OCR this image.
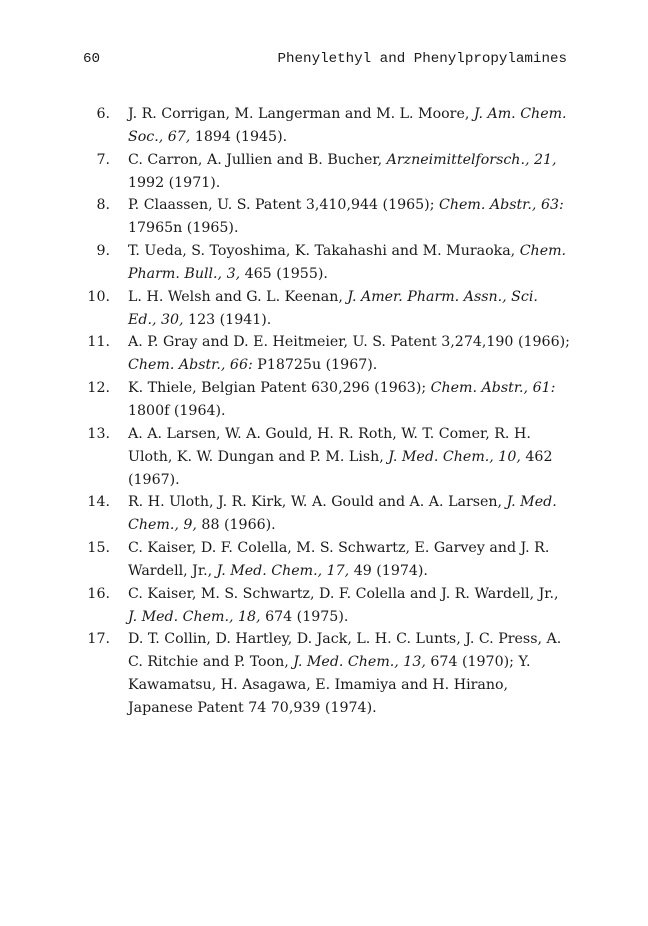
60	Phenylethyl and Phenylpropylamines
6. J. R. Corrigan, M. Langerman and M. L. Moore, J. Am. Chem. Soc., 67, 1894 (1945).
7. C. Carron, A. Jullien and B. Bucher, Arzneimittelforsch., 21, 1992 (1971).
8. P. Claassen, U. S. Patent 3,410,944 (1965); Chem. Abstr., 63: 17965n (1965).
9. T. Ueda, S. Toyoshima, K. Takahashi and M. Muraoka, Chem. Pharm. Bull., 3, 465 (1955).
10. L. H. Welsh and G. L. Keenan, J. Amer. Pharm. Assn., Sci. Ed., 30, 123 (1941).
11. A. P. Gray and D. E. Heitmeier, U. S. Patent 3,274,190 (1966); Chem. Abstr., 66: P18725u (1967).
12. K. Thiele, Belgian Patent 630,296 (1963); Chem. Abstr., 61: 1800f (1964).
13. A. A. Larsen, W. A. Gould, H. R. Roth, W. T. Comer, R. H. Uloth, K. W. Dungan and P. M. Lish, J. Med. Chem., 10, 462 (1967).
14. R. H. Uloth, J. R. Kirk, W. A. Gould and A. A. Larsen, J. Med. Chem., 9, 88 (1966).
15. C. Kaiser, D. F. Colella, M. S. Schwartz, E. Garvey and J. R. Wardell, Jr., J. Med. Chem., 17, 49 (1974).
16. C. Kaiser, M. S. Schwartz, D. F. Colella and J. R. Wardell, Jr., J. Med. Chem., 18, 674 (1975).
17. D. T. Collin, D. Hartley, D. Jack, L. H. C. Lunts, J. C. Press, A. C. Ritchie and P. Toon, J. Med. Chem., 13, 674 (1970); Y. Kawamatsu, H. Asagawa, E. Imamiya and H. Hirano, Japanese Patent 74 70,939 (1974).
